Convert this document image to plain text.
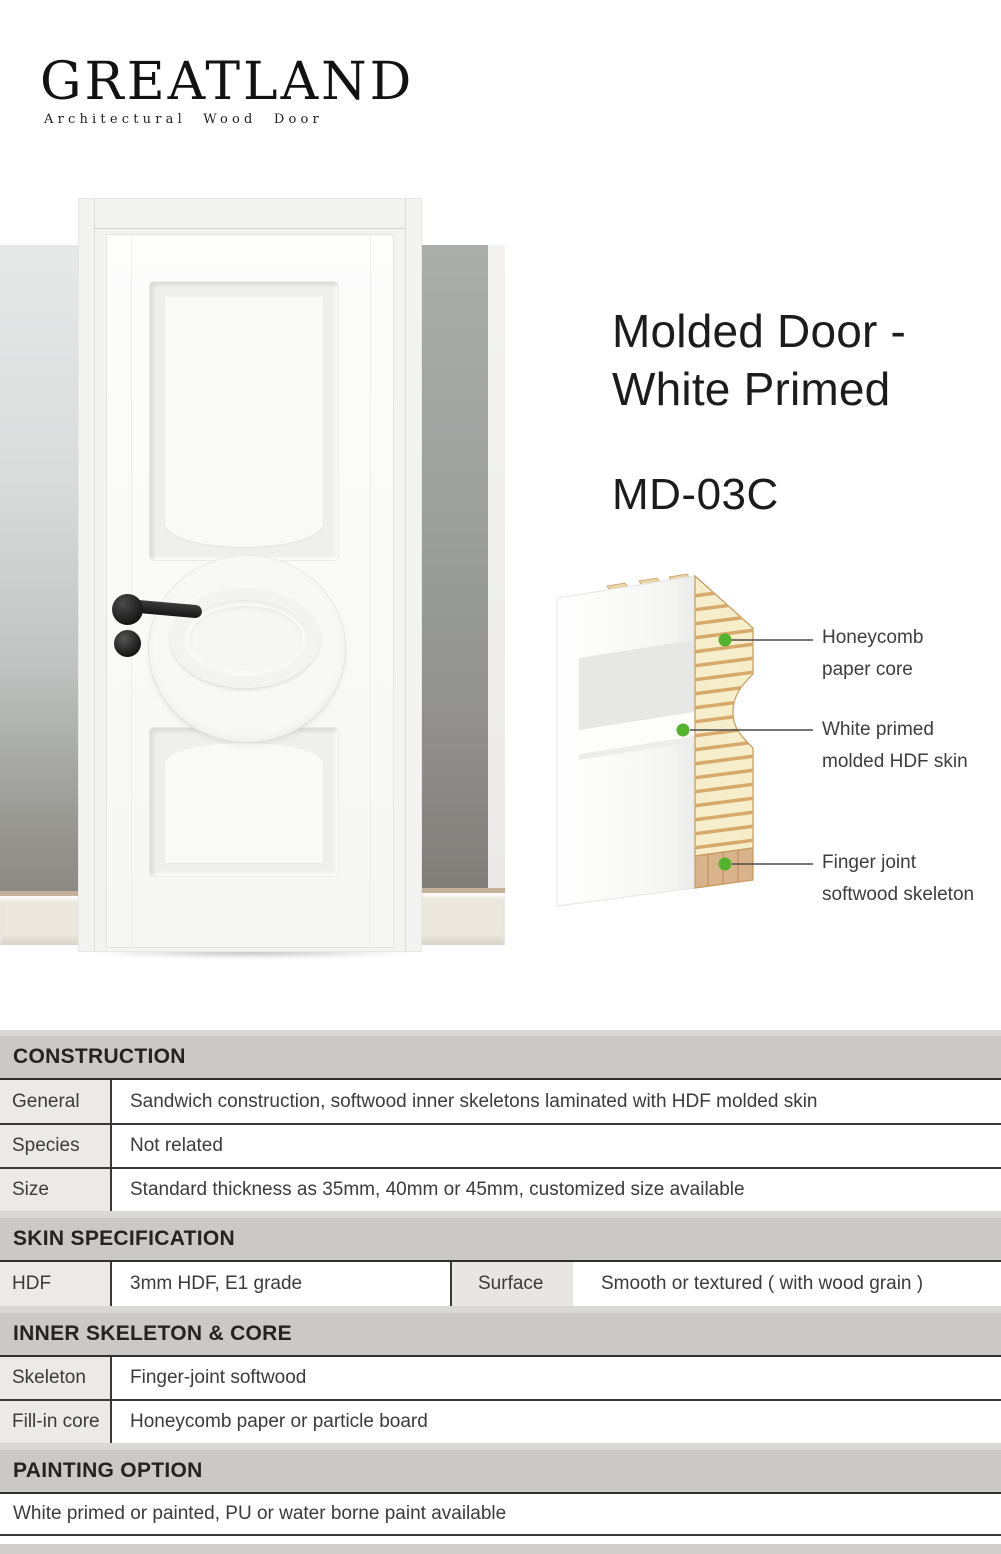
GREATLAND
Architectural Wood Door
Molded Door -
White Primed
MD-03C
Honeycomb
paper core
White primed
molded HDF skin
Finger joint
softwood skeleton
CONSTRUCTION
General	Sandwich construction, softwood inner skeletons laminated with HDF molded skin
Species	Not related
Size	Standard thickness as 35mm, 40mm or 45mm, customized size available
SKIN SPECIFICATION
HDF	3mm HDF, E1 grade	Surface	Smooth or textured ( with wood grain )
INNER SKELETON & CORE
Skeleton	Finger-joint softwood
Fill-in core	Honeycomb paper or particle board
PAINTING OPTION
White primed or painted, PU or water borne paint available
